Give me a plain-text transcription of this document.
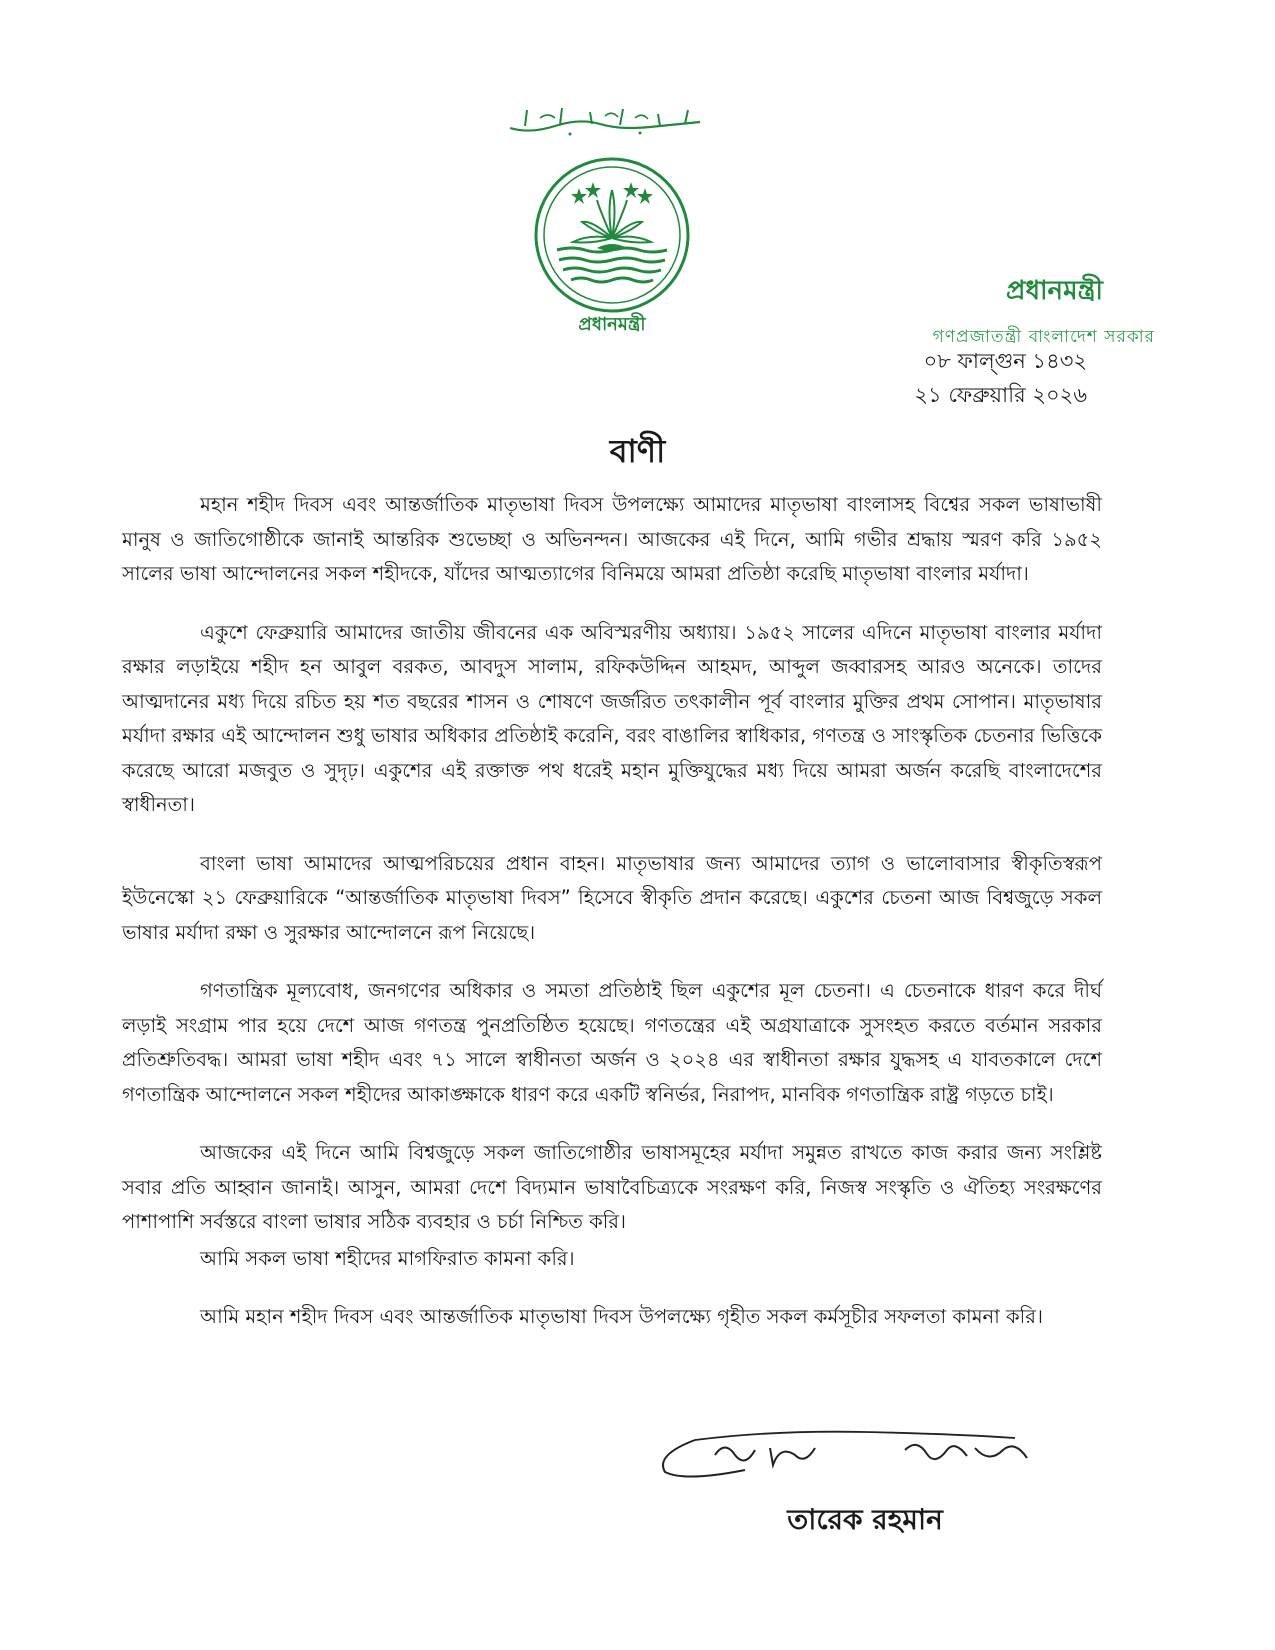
প্রধানমন্ত্রী
প্রধানমন্ত্রী
গণপ্রজাতন্ত্রী বাংলাদেশ সরকার
০৮ ফাল্গুন ১৪৩২
২১ ফেব্রুয়ারি ২০২৬
বাণী

মহান শহীদ দিবস এবং আন্তর্জাতিক মাতৃভাষা দিবস উপলক্ষ্যে আমাদের মাতৃভাষা বাংলাসহ বিশ্বের সকল ভাষাভাষী মানুষ ও জাতিগোষ্ঠীকে জানাই আন্তরিক শুভেচ্ছা ও অভিনন্দন। আজকের এই দিনে, আমি গভীর শ্রদ্ধায় স্মরণ করি ১৯৫২ সালের ভাষা আন্দোলনের সকল শহীদকে, যাঁদের আত্মত্যাগের বিনিময়ে আমরা প্রতিষ্ঠা করেছি মাতৃভাষা বাংলার মর্যাদা।

একুশে ফেব্রুয়ারি আমাদের জাতীয় জীবনের এক অবিস্মরণীয় অধ্যায়। ১৯৫২ সালের এদিনে মাতৃভাষা বাংলার মর্যাদা রক্ষার লড়াইয়ে শহীদ হন আবুল বরকত, আবদুস সালাম, রফিকউদ্দিন আহমদ, আব্দুল জব্বারসহ আরও অনেকে। তাদের আত্মদানের মধ্য দিয়ে রচিত হয় শত বছরের শাসন ও শোষণে জর্জরিত তৎকালীন পূর্ব বাংলার মুক্তির প্রথম সোপান। মাতৃভাষার মর্যাদা রক্ষার এই আন্দোলন শুধু ভাষার অধিকার প্রতিষ্ঠাই করেনি, বরং বাঙালির স্বাধিকার, গণতন্ত্র ও সাংস্কৃতিক চেতনার ভিত্তিকে করেছে আরো মজবুত ও সুদৃঢ়। একুশের এই রক্তাক্ত পথ ধরেই মহান মুক্তিযুদ্ধের মধ্য দিয়ে আমরা অর্জন করেছি বাংলাদেশের স্বাধীনতা।

বাংলা ভাষা আমাদের আত্মপরিচয়ের প্রধান বাহন। মাতৃভাষার জন্য আমাদের ত্যাগ ও ভালোবাসার স্বীকৃতিস্বরূপ ইউনেস্কো ২১ ফেব্রুয়ারিকে “আন্তর্জাতিক মাতৃভাষা দিবস” হিসেবে স্বীকৃতি প্রদান করেছে। একুশের চেতনা আজ বিশ্বজুড়ে সকল ভাষার মর্যাদা রক্ষা ও সুরক্ষার আন্দোলনে রূপ নিয়েছে।

গণতান্ত্রিক মূল্যবোধ, জনগণের অধিকার ও সমতা প্রতিষ্ঠাই ছিল একুশের মূল চেতনা। এ চেতনাকে ধারণ করে দীর্ঘ লড়াই সংগ্রাম পার হয়ে দেশে আজ গণতন্ত্র পুনপ্রতিষ্ঠিত হয়েছে। গণতন্ত্রের এই অগ্রযাত্রাকে সুসংহত করতে বর্তমান সরকার প্রতিশ্রুতিবদ্ধ। আমরা ভাষা শহীদ এবং ৭১ সালে স্বাধীনতা অর্জন ও ২০২৪ এর স্বাধীনতা রক্ষার যুদ্ধসহ এ যাবতকালে দেশে গণতান্ত্রিক আন্দোলনে সকল শহীদের আকাঙ্ক্ষাকে ধারণ করে একটি স্বনির্ভর, নিরাপদ, মানবিক গণতান্ত্রিক রাষ্ট্র গড়তে চাই।

আজকের এই দিনে আমি বিশ্বজুড়ে সকল জাতিগোষ্ঠীর ভাষাসমূহের মর্যাদা সমুন্নত রাখতে কাজ করার জন্য সংশ্লিষ্ট সবার প্রতি আহ্বান জানাই। আসুন, আমরা দেশে বিদ্যমান ভাষাবৈচিত্র্যকে সংরক্ষণ করি, নিজস্ব সংস্কৃতি ও ঐতিহ্য সংরক্ষণের পাশাপাশি সর্বস্তরে বাংলা ভাষার সঠিক ব্যবহার ও চর্চা নিশ্চিত করি।

আমি সকল ভাষা শহীদের মাগফিরাত কামনা করি।

আমি মহান শহীদ দিবস এবং আন্তর্জাতিক মাতৃভাষা দিবস উপলক্ষ্যে গৃহীত সকল কর্মসূচীর সফলতা কামনা করি।

তারেক রহমান
